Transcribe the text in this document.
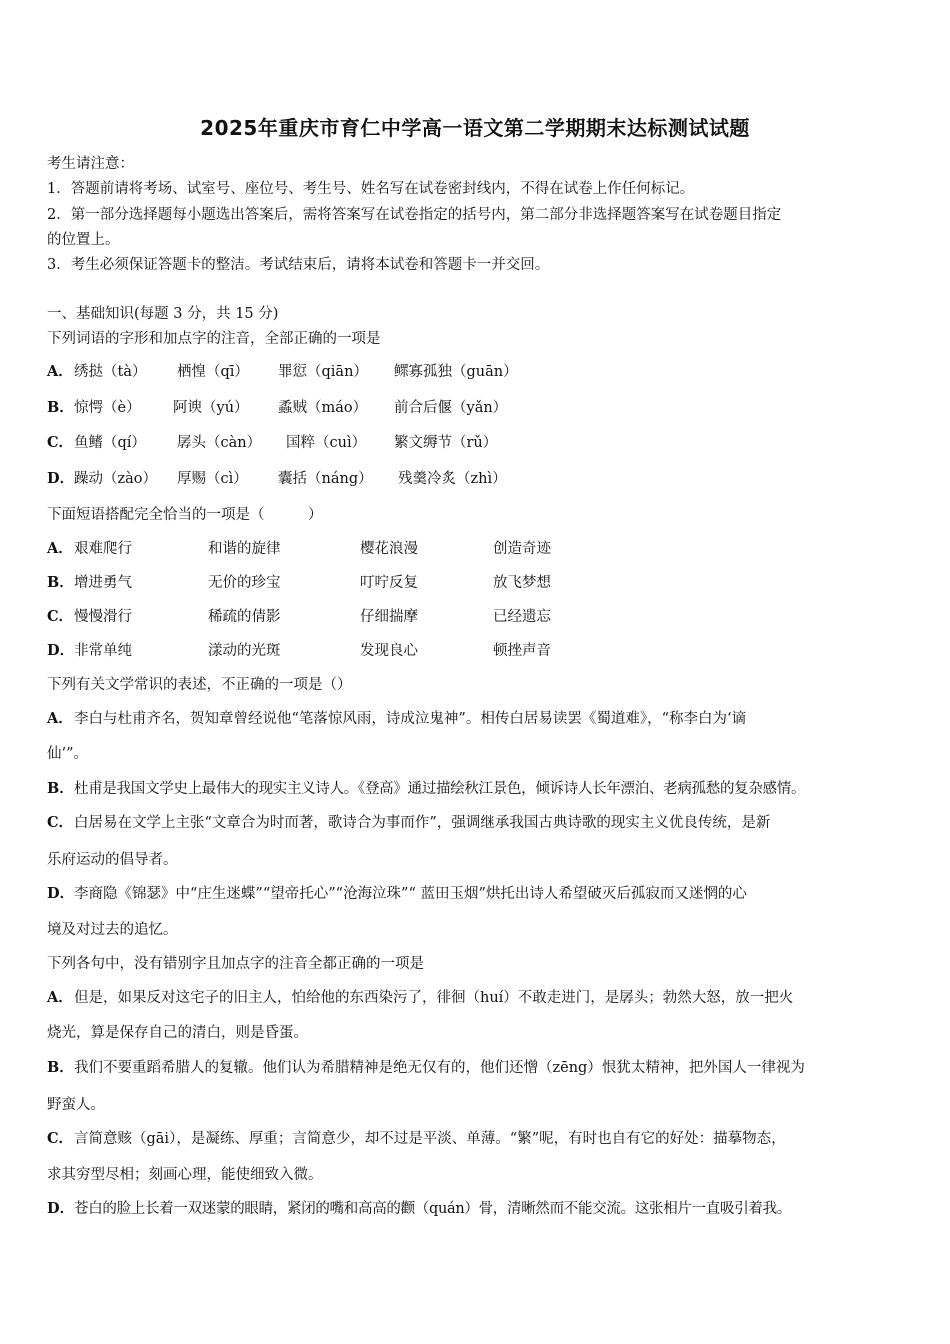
2025年重庆市育仁中学高一语文第二学期期末达标测试试题
考生请注意：
1．答题前请将考场、试室号、座位号、考生号、姓名写在试卷密封线内，不得在试卷上作任何标记。
2．第一部分选择题每小题选出答案后，需将答案写在试卷指定的括号内，第二部分非选择题答案写在试卷题目指定
的位置上。
3．考生必须保证答题卡的整洁。考试结束后，请将本试卷和答题卡一并交回。
一、基础知识(每题 3 分，共 15 分)
下列词语的字形和加点字的注音，全部正确的一项是
A． 绣挞（tà） 栖惶（qī） 罪愆（qiān） 鳏寡孤独（guān）
B． 惊愕（è） 阿谀（yú） 蟊贼（máo） 前合后偃（yǎn）
C． 鱼鳍（qí） 孱头（càn） 国粹（cuì） 繁文缛节（rǔ）
D． 躁动（zào） 厚赐（cì） 囊括（náng） 残羹冷炙（zhì）
下面短语搭配完全恰当的一项是（　　　）
A． 艰难爬行	和谐的旋律	樱花浪漫	创造奇迹
B． 增进勇气	无价的珍宝	叮咛反复	放飞梦想
C． 慢慢滑行	稀疏的倩影	仔细揣摩	已经遗忘
D． 非常单纯	漾动的光斑	发现良心	顿挫声音
下列有关文学常识的表述，不正确的一项是（）
A． 李白与杜甫齐名，贺知章曾经说他“笔落惊风雨，诗成泣鬼神”。相传白居易读罢《蜀道难》，“称李白为‘谪
仙’”。
B． 杜甫是我国文学史上最伟大的现实主义诗人。《登高》通过描绘秋江景色，倾诉诗人长年漂泊、老病孤愁的复杂感情。
C． 白居易在文学上主张“文章合为时而著，歌诗合为事而作”，强调继承我国古典诗歌的现实主义优良传统，是新
乐府运动的倡导者。
D． 李商隐《锦瑟》中“庄生迷蝶”“望帝托心”“沧海泣珠”“ 蓝田玉烟”烘托出诗人希望破灭后孤寂而又迷惘的心
境及对过去的追忆。
下列各句中，没有错别字且加点字的注音全都正确的一项是
A． 但是，如果反对这宅子的旧主人，怕给他的东西染污了，徘徊（huí）不敢走进门，是孱头；勃然大怒，放一把火
烧光，算是保存自己的清白，则是昏蛋。
B． 我们不要重蹈希腊人的复辙。他们认为希腊精神是绝无仅有的，他们还憎（zēng）恨犹太精神，把外国人一律视为
野蛮人。
C． 言简意赅（gāi），是凝练、厚重；言简意少，却不过是平淡、单薄。“繁”呢，有时也自有它的好处：描摹物态，
求其穷型尽相；刻画心理，能使细致入微。
D． 苍白的脸上长着一双迷蒙的眼睛，紧闭的嘴和高高的颧（quán）骨，清晰然而不能交流。这张相片一直吸引着我。
